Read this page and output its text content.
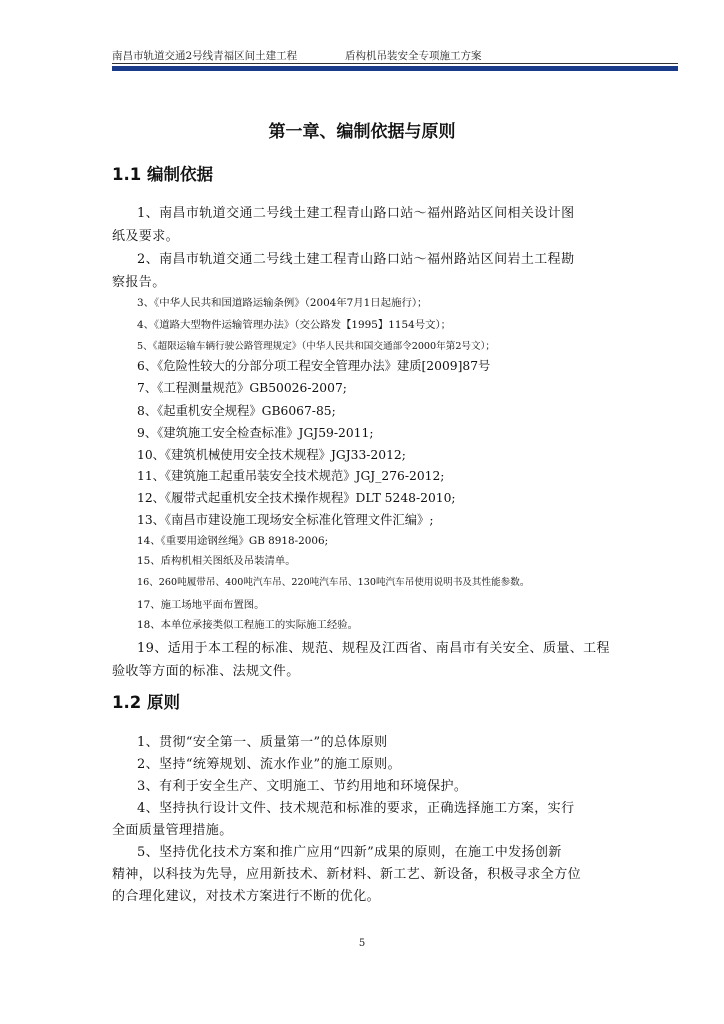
南昌市轨道交通2号线青福区间土建工程	盾构机吊装安全专项施工方案
第一章、编制依据与原则
1.1 编制依据
1、南昌市轨道交通二号线土建工程青山路口站～福州路站区间相关设计图
纸及要求。
2、南昌市轨道交通二号线土建工程青山路口站～福州路站区间岩土工程勘
察报告。
3、《中华人民共和国道路运输条例》（2004年7月1日起施行）；
4、《道路大型物件运输管理办法》（交公路发【1995】1154号文）；
5、《超限运输车辆行驶公路管理规定》（中华人民共和国交通部令2000年第2号文）；
6、《危险性较大的分部分项工程安全管理办法》建质[2009]87号
7、《工程测量规范》GB50026-2007;
8、《起重机安全规程》GB6067-85;
9、《建筑施工安全检查标准》JGJ59-2011;
10、《建筑机械使用安全技术规程》JGJ33-2012;
11、《建筑施工起重吊装安全技术规范》JGJ_276-2012;
12、《履带式起重机安全技术操作规程》DLT 5248-2010;
13、《南昌市建设施工现场安全标准化管理文件汇编》;
14、《重要用途钢丝绳》GB 8918-2006;
15、盾构机相关图纸及吊装清单。
16、260吨履带吊、400吨汽车吊、220吨汽车吊、130吨汽车吊使用说明书及其性能参数。
17、施工场地平面布置图。
18、本单位承接类似工程施工的实际施工经验。
19、适用于本工程的标准、规范、规程及江西省、南昌市有关安全、质量、工程
验收等方面的标准、法规文件。
1.2 原则
1、贯彻“安全第一、质量第一”的总体原则
2、坚持“统筹规划、流水作业”的施工原则。
3、有利于安全生产、文明施工、节约用地和环境保护。
4、坚持执行设计文件、技术规范和标准的要求，正确选择施工方案，实行
全面质量管理措施。
5、坚持优化技术方案和推广应用“四新”成果的原则，在施工中发扬创新
精神，以科技为先导，应用新技术、新材料、新工艺、新设备，积极寻求全方位
的合理化建议，对技术方案进行不断的优化。
5
